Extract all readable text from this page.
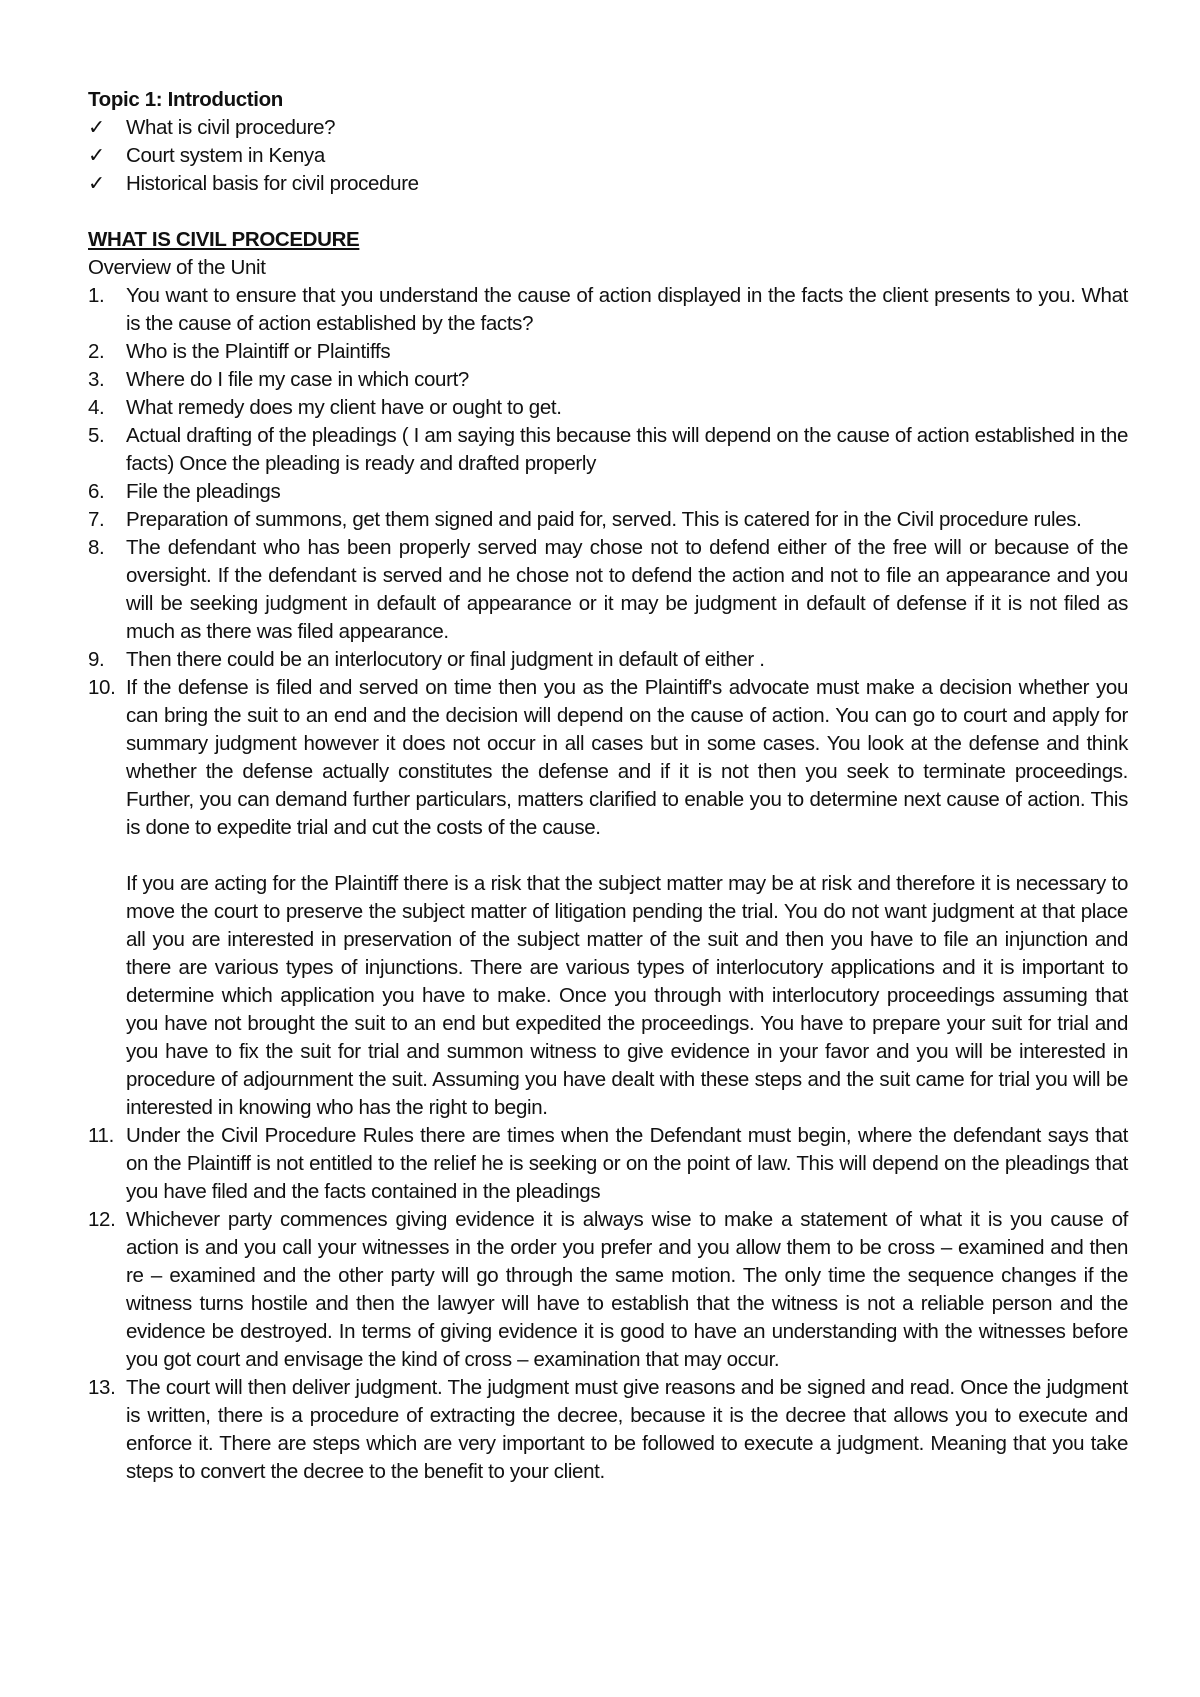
Topic 1: Introduction
✓	What is civil procedure?
✓	Court system in Kenya
✓	Historical basis for civil procedure
WHAT IS CIVIL PROCEDURE
Overview of the Unit
1.	You want to ensure that you understand the cause of action displayed in the facts the client presents to you. What is the cause of action established by the facts?
2.	Who is the Plaintiff or Plaintiffs
3.	Where do I file my case in which court?
4.	What remedy does my client have or ought to get.
5.	Actual drafting of the pleadings ( I am saying this because this will depend on the cause of action established in the facts) Once the pleading is ready and drafted properly
6.	File the pleadings
7.	Preparation of summons, get them signed and paid for, served. This is catered for in the Civil procedure rules.
8.	The defendant who has been properly served may chose not to defend either of the free will or because of the oversight. If the defendant is served and he chose not to defend the action and not to file an appearance and you will be seeking judgment in default of appearance or it may be judgment in default of defense if it is not filed as much as there was filed appearance.
9.	Then there could be an interlocutory or final judgment in default of either .
10. If the defense is filed and served on time then you as the Plaintiff's advocate must make a decision whether you can bring the suit to an end and the decision will depend on the cause of action. You can go to court and apply for summary judgment however it does not occur in all cases but in some cases. You look at the defense and think whether the defense actually constitutes the defense and if it is not then you seek to terminate proceedings. Further, you can demand further particulars, matters clarified to enable you to determine next cause of action. This is done to expedite trial and cut the costs of the cause.
If you are acting for the Plaintiff there is a risk that the subject matter may be at risk and therefore it is necessary to move the court to preserve the subject matter of litigation pending the trial. You do not want judgment at that place all you are interested in preservation of the subject matter of the suit and then you have to file an injunction and there are various types of injunctions. There are various types of interlocutory applications and it is important to determine which application you have to make. Once you through with interlocutory proceedings assuming that you have not brought the suit to an end but expedited the proceedings. You have to prepare your suit for trial and you have to fix the suit for trial and summon witness to give evidence in your favor and you will be interested in procedure of adjournment the suit. Assuming you have dealt with these steps and the suit came for trial you will be interested in knowing who has the right to begin.
11. Under the Civil Procedure Rules there are times when the Defendant must begin, where the defendant says that on the Plaintiff is not entitled to the relief he is seeking or on the point of law. This will depend on the pleadings that you have filed and the facts contained in the pleadings
12. Whichever party commences giving evidence it is always wise to make a statement of what it is you cause of action is and you call your witnesses in the order you prefer and you allow them to be cross – examined and then re – examined and the other party will go through the same motion. The only time the sequence changes if the witness turns hostile and then the lawyer will have to establish that the witness is not a reliable person and the evidence be destroyed. In terms of giving evidence it is good to have an understanding with the witnesses before you got court and envisage the kind of cross – examination that may occur.
13. The court will then deliver judgment. The judgment must give reasons and be signed and read. Once the judgment is written, there is a procedure of extracting the decree, because it is the decree that allows you to execute and enforce it. There are steps which are very important to be followed to execute a judgment. Meaning that you take steps to convert the decree to the benefit to your client.
